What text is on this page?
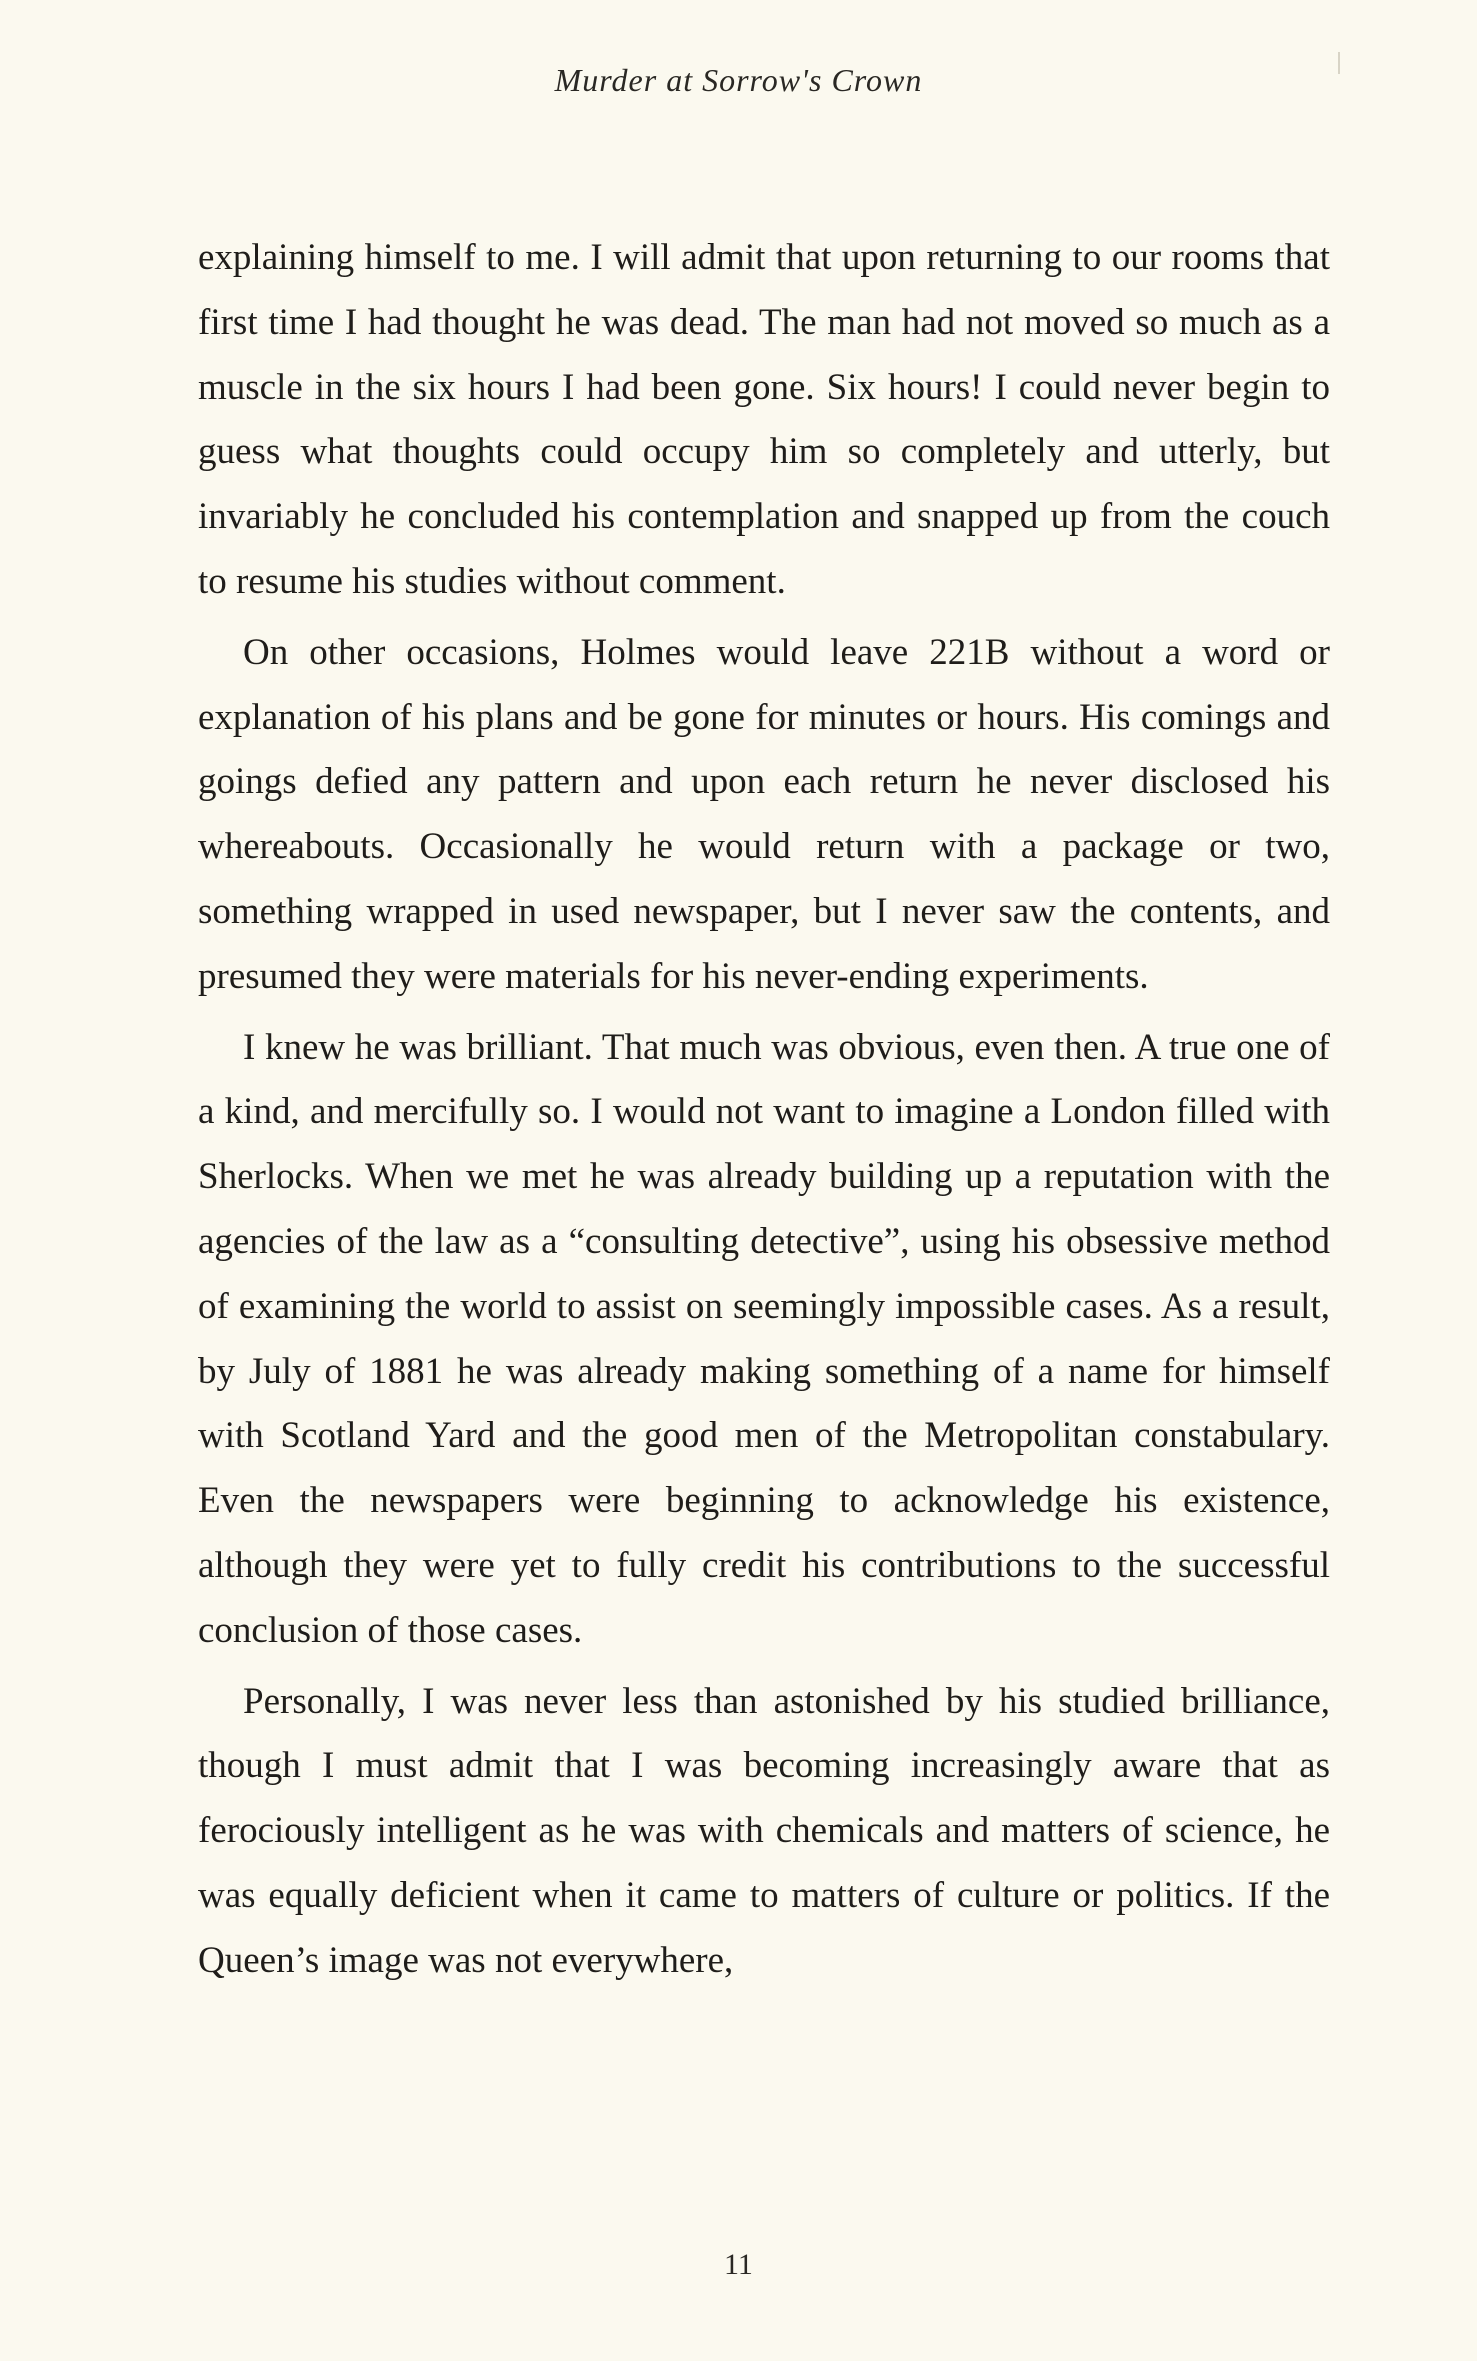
Murder at Sorrow's Crown

explaining himself to me. I will admit that upon returning to our rooms that first time I had thought he was dead. The man had not moved so much as a muscle in the six hours I had been gone. Six hours! I could never begin to guess what thoughts could occupy him so completely and utterly, but invariably he concluded his contemplation and snapped up from the couch to resume his studies without comment.

On other occasions, Holmes would leave 221B without a word or explanation of his plans and be gone for minutes or hours. His comings and goings defied any pattern and upon each return he never disclosed his whereabouts. Occasionally he would return with a package or two, something wrapped in used newspaper, but I never saw the contents, and presumed they were materials for his never-ending experiments.

I knew he was brilliant. That much was obvious, even then. A true one of a kind, and mercifully so. I would not want to imagine a London filled with Sherlocks. When we met he was already building up a reputation with the agencies of the law as a “consulting detective”, using his obsessive method of examining the world to assist on seemingly impossible cases. As a result, by July of 1881 he was already making something of a name for himself with Scotland Yard and the good men of the Metropolitan constabulary. Even the newspapers were beginning to acknowledge his existence, although they were yet to fully credit his contributions to the successful conclusion of those cases.

Personally, I was never less than astonished by his studied brilliance, though I must admit that I was becoming increasingly aware that as ferociously intelligent as he was with chemicals and matters of science, he was equally deficient when it came to matters of culture or politics. If the Queen’s image was not everywhere,

11
